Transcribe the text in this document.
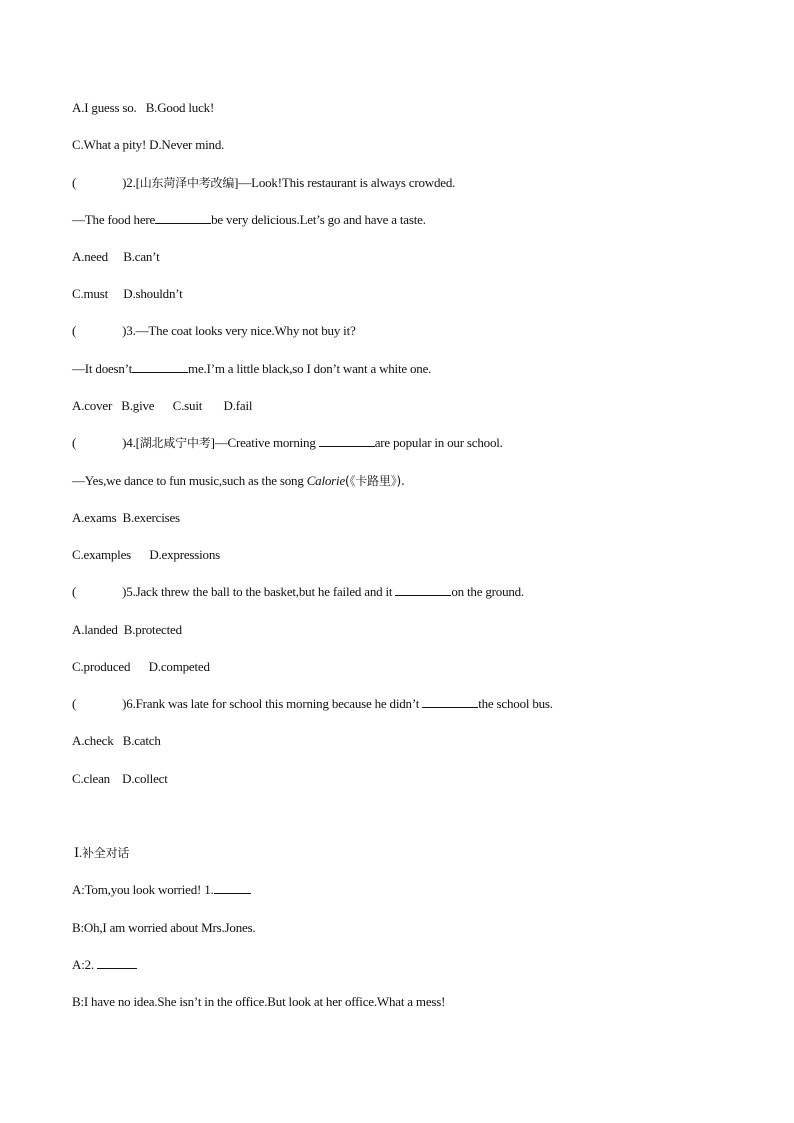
A.I guess so.   B.Good luck!
C.What a pity! D.Never mind.
(	)2.[山东菏泽中考改编]—Look!This restaurant is always crowded.
—The food here	be very delicious.Let’s go and have a taste.
A.need     B.can’t
C.must     D.shouldn’t
(	)3.—The coat looks very nice.Why not buy it?
—It doesn’t	me.I’m a little black,so I don’t want a white one.
A.cover   B.give      C.suit       D.fail
(	)4.[湖北咸宁中考]—Creative morning	are popular in our school.
—Yes,we dance to fun music,such as the song Calorie(《卡路里》).
A.exams  B.exercises
C.examples      D.expressions
(	)5.Jack threw the ball to the basket,but he failed and it	on the ground.
A.landed  B.protected
C.produced      D.competed
(	)6.Frank was late for school this morning because he didn’t	the school bus.
A.check   B.catch
C.clean    D.collect
Ⅰ.补全对话
A:Tom,you look worried! 1.
B:Oh,I am worried about Mrs.Jones.
A:2.
B:I have no idea.She isn’t in the office.But look at her office.What a mess!
